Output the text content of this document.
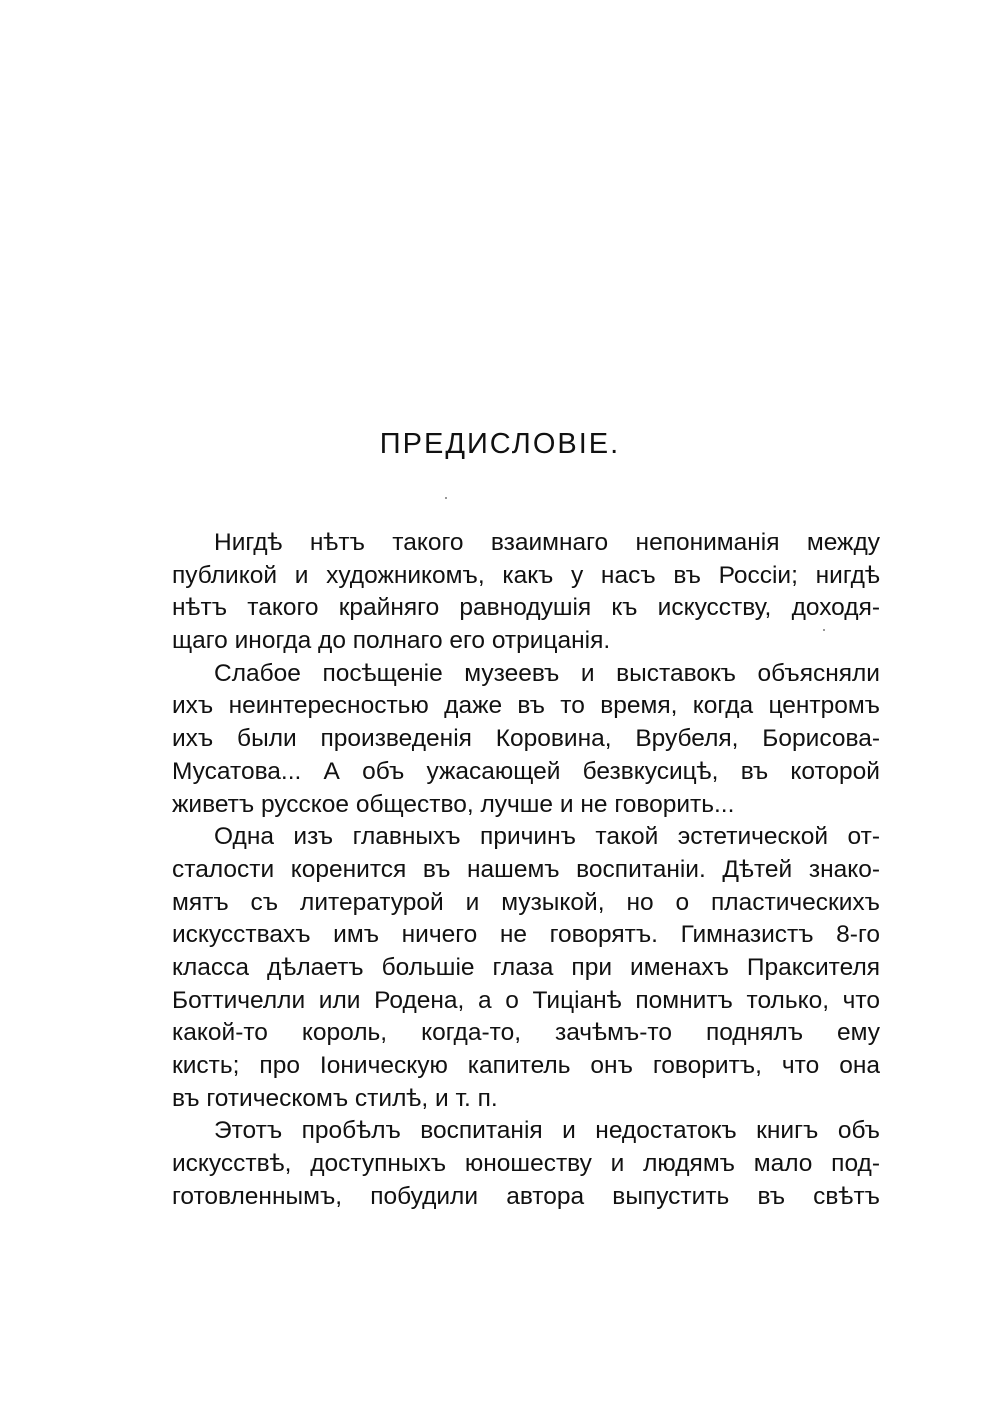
ПРЕДИСЛОВІЕ.
Нигдѣ нѣтъ такого взаимнаго непониманія между
публикой и художникомъ, какъ у насъ въ Россіи; нигдѣ
нѣтъ такого крайняго равнодушія къ искусству, доходя-
щаго иногда до полнаго его отрицанія.
Слабое посѣщеніе музеевъ и выставокъ объясняли
ихъ неинтересностью даже въ то время, когда центромъ
ихъ были произведенія Коровина, Врубеля, Борисова-
Мусатова... А объ ужасающей безвкусицѣ, въ которой
живетъ русское общество, лучше и не говорить...
Одна изъ главныхъ причинъ такой эстетической от-
сталости коренится въ нашемъ воспитаніи. Дѣтей знако-
мятъ съ литературой и музыкой, но о пластическихъ
искусствахъ имъ ничего не говорятъ. Гимназистъ 8-го
класса дѣлаетъ большіе глаза при именахъ Праксителя
Боттичелли или Родена, а о Тиціанѣ помнитъ только, что
какой-то король, когда-то, зачѣмъ-то поднялъ ему
кисть; про Іоническую капитель онъ говоритъ, что она
въ готическомъ стилѣ, и т. п.
Этотъ пробѣлъ воспитанія и недостатокъ книгъ объ
искусствѣ, доступныхъ юношеству и людямъ мало под-
готовленнымъ, побудили автора выпустить въ свѣтъ
